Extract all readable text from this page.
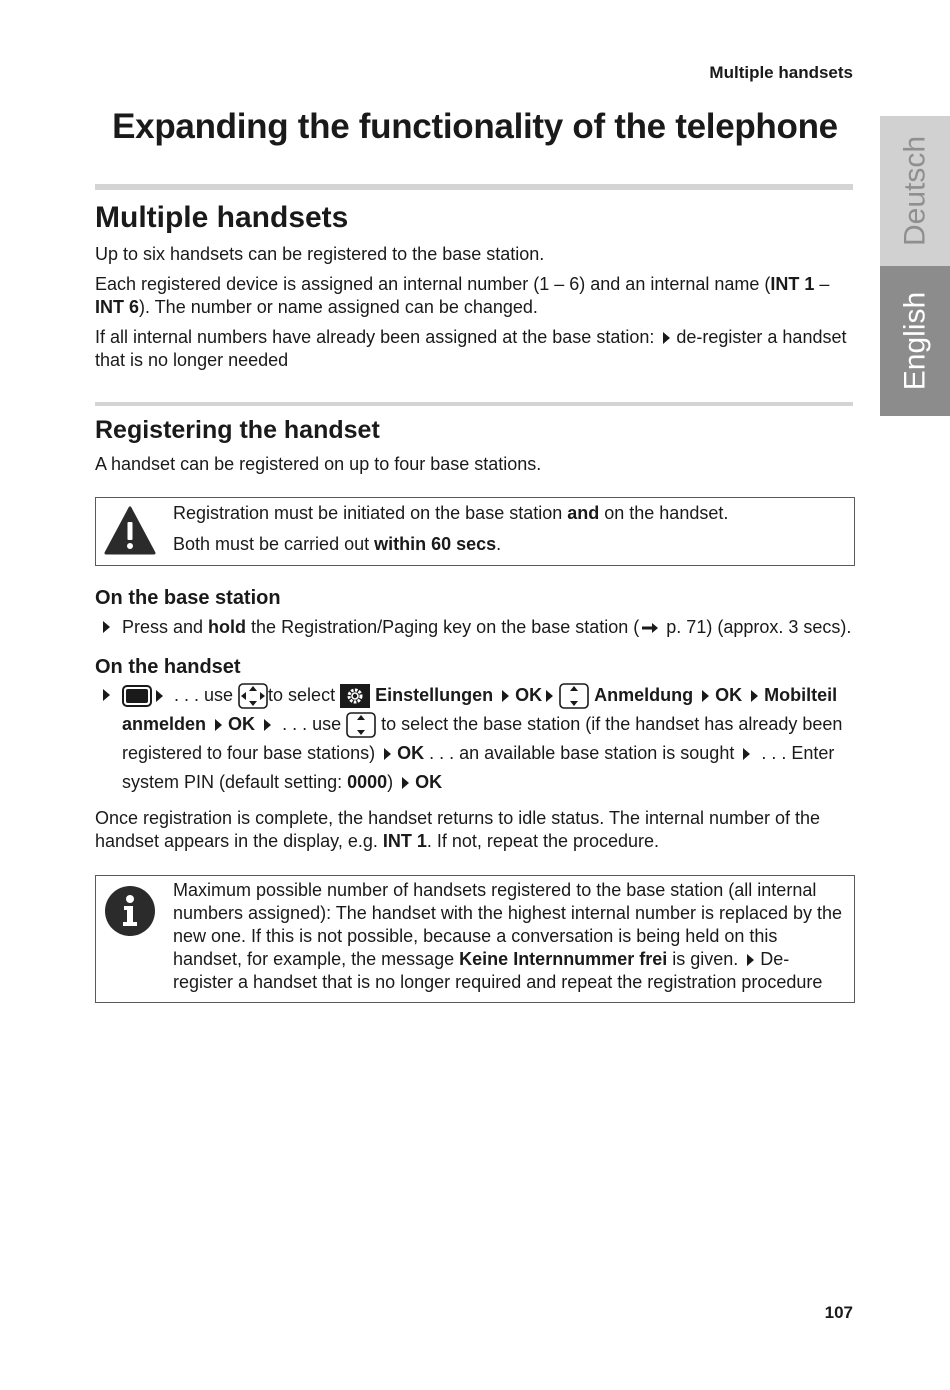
Multiple handsets
Expanding the functionality of the telephone
Deutsch
English
Multiple handsets
Up to six handsets can be registered to the base station.
Each registered device is assigned an internal number (1 – 6) and an internal name (INT 1 – INT 6). The number or name assigned can be changed.
If all internal numbers have already been assigned at the base station: de-register a handset that is no longer needed
Registering the handset
A handset can be registered on up to four base stations.
Registration must be initiated on the base station and on the handset.
Both must be carried out within 60 secs.
On the base station
Press and hold the Registration/Paging key on the base station ( p. 71) (approx. 3 secs).
On the handset
. . . use to select  Einstellungen OK	Anmeldung OK Mobilteil anmelden OK  . . . use  to select the base station (if the handset has already been registered to four base stations) OK . . . an available base station is sought  . . . Enter system PIN (default setting: 0000) OK
Once registration is complete, the handset returns to idle status. The internal number of the handset appears in the display, e.g. INT 1. If not, repeat the procedure.
Maximum possible number of handsets registered to the base station (all internal numbers assigned): The handset with the highest internal number is replaced by the new one. If this is not possible, because a conversation is being held on this handset, for example, the message Keine Internnummer frei is given. De-register a handset that is no longer required and repeat the registration procedure
107
